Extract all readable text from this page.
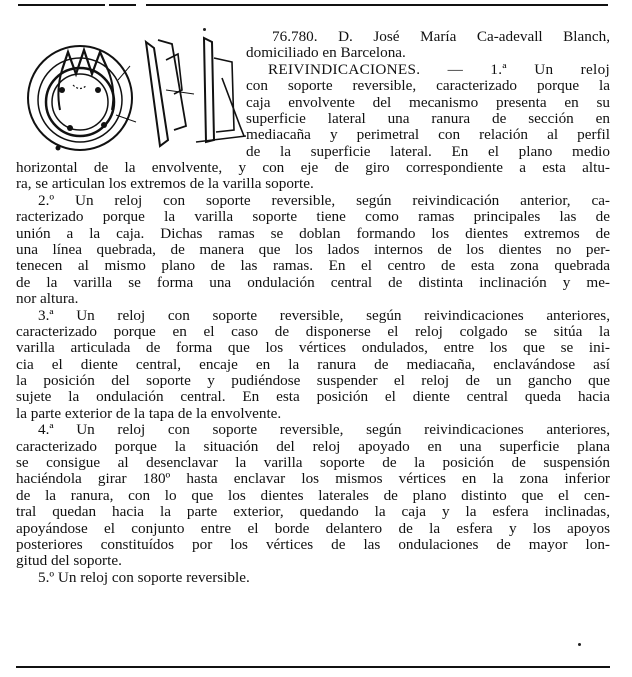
76.780. D. José María Ca-adevall Blanch,
domiciliado en Barcelona.
REIVINDICACIONES. — 1.ª Un reloj
con soporte reversible, caracterizado porque la
caja envolvente del mecanismo presenta en su
superficie lateral una ranura de sección en
mediacaña y perimetral con relación al perfil
de la superficie lateral. En el plano medio
horizontal de la envolvente, y con eje de giro correspondiente a esta altu-
ra, se articulan los extremos de la varilla soporte.
2.º Un reloj con soporte reversible, según reivindicación anterior, ca-
racterizado porque la varilla soporte tiene como ramas principales las de
unión a la caja. Dichas ramas se doblan formando los dientes extremos de
una línea quebrada, de manera que los lados internos de los dientes no per-
tenecen al mismo plano de las ramas. En el centro de esta zona quebrada
de la varilla se forma una ondulación central de distinta inclinación y me-
nor altura.
3.ª Un reloj con soporte reversible, según reivindicaciones anteriores,
caracterizado porque en el caso de disponerse el reloj colgado se sitúa la
varilla articulada de forma que los vértices ondulados, entre los que se ini-
cia el diente central, encaje en la ranura de mediacaña, enclavándose así
la posición del soporte y pudiéndose suspender el reloj de un gancho que
sujete la ondulación central. En esta posición el diente central queda hacia
la parte exterior de la tapa de la envolvente.
4.ª Un reloj con soporte reversible, según reivindicaciones anteriores,
caracterizado porque la situación del reloj apoyado en una superficie plana
se consigue al desenclavar la varilla soporte de la posición de suspensión
haciéndola girar 180º hasta enclavar los mismos vértices en la zona inferior
de la ranura, con lo que los dientes laterales de plano distinto que el cen-
tral quedan hacia la parte exterior, quedando la caja y la esfera inclinadas,
apoyándose el conjunto entre el borde delantero de la esfera y los apoyos
posteriores constituídos por los vértices de las ondulaciones de mayor lon-
gitud del soporte.
5.º Un reloj con soporte reversible.
